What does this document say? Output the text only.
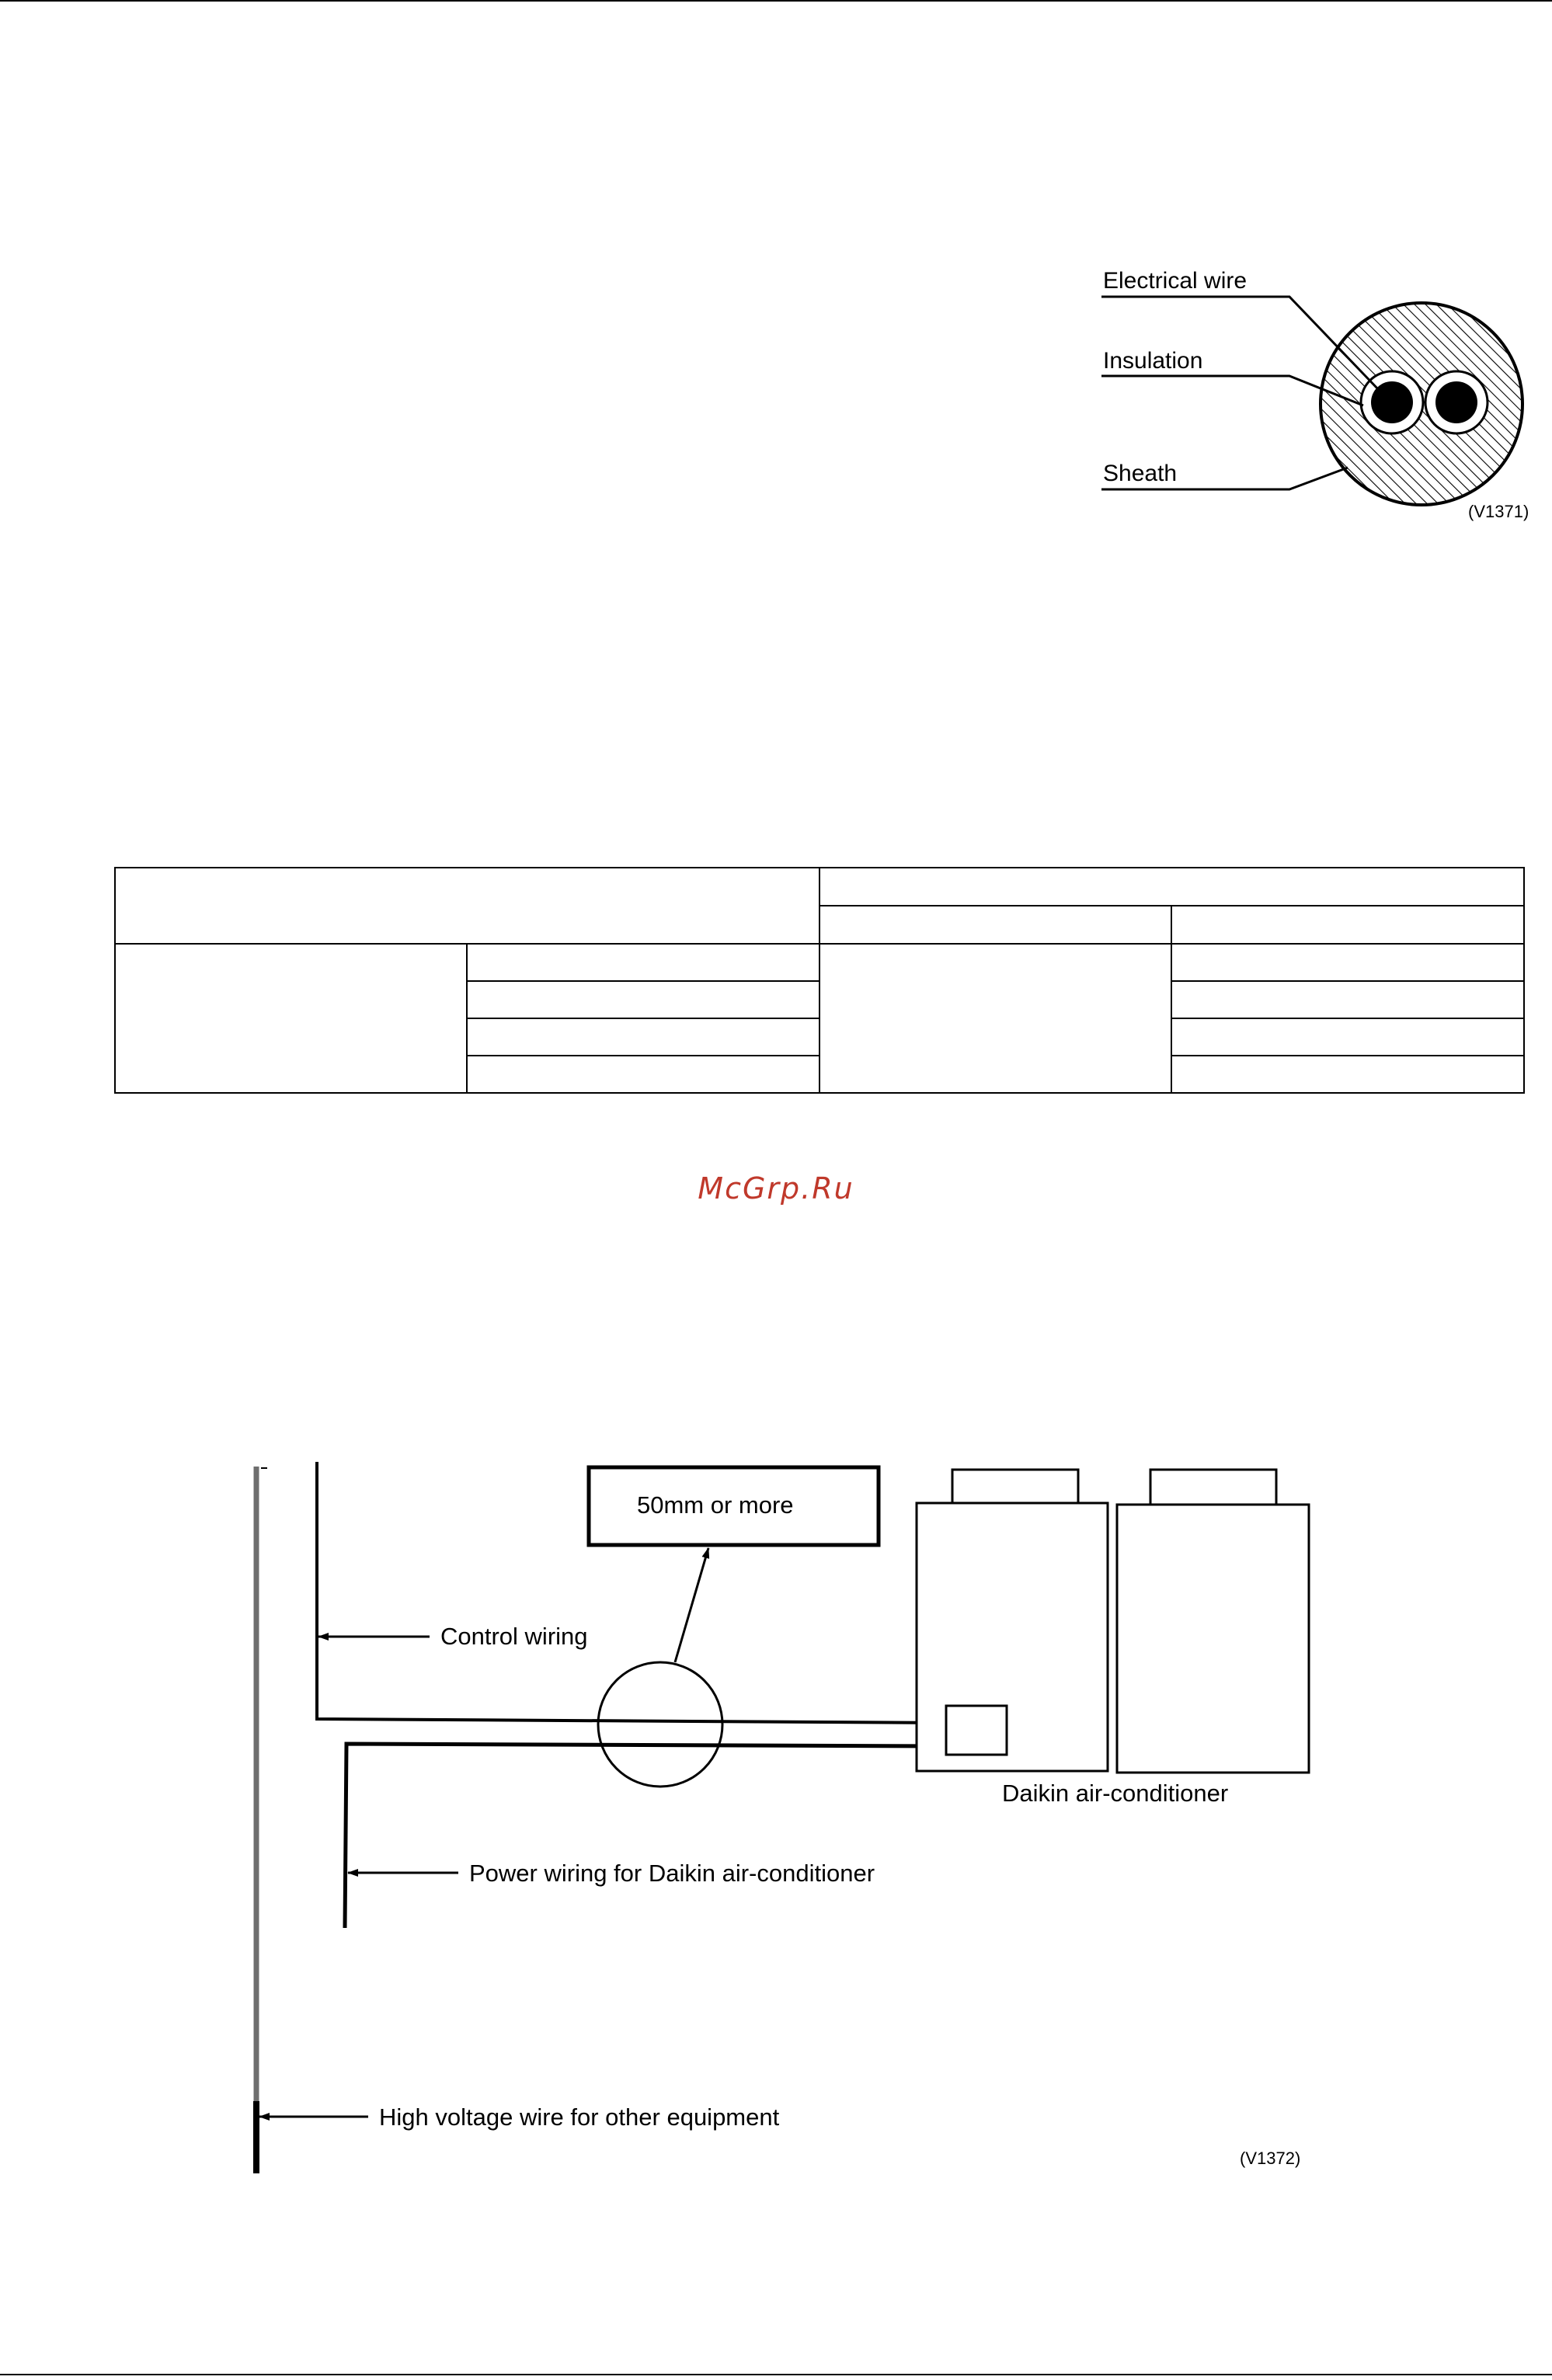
Electrical wire
Insulation
Sheath
(V1371)

McGrp.Ru
50mm or more
Control wiring
Daikin air-conditioner
Power wiring for Daikin air-conditioner
High voltage wire for other equipment
(V1372)
